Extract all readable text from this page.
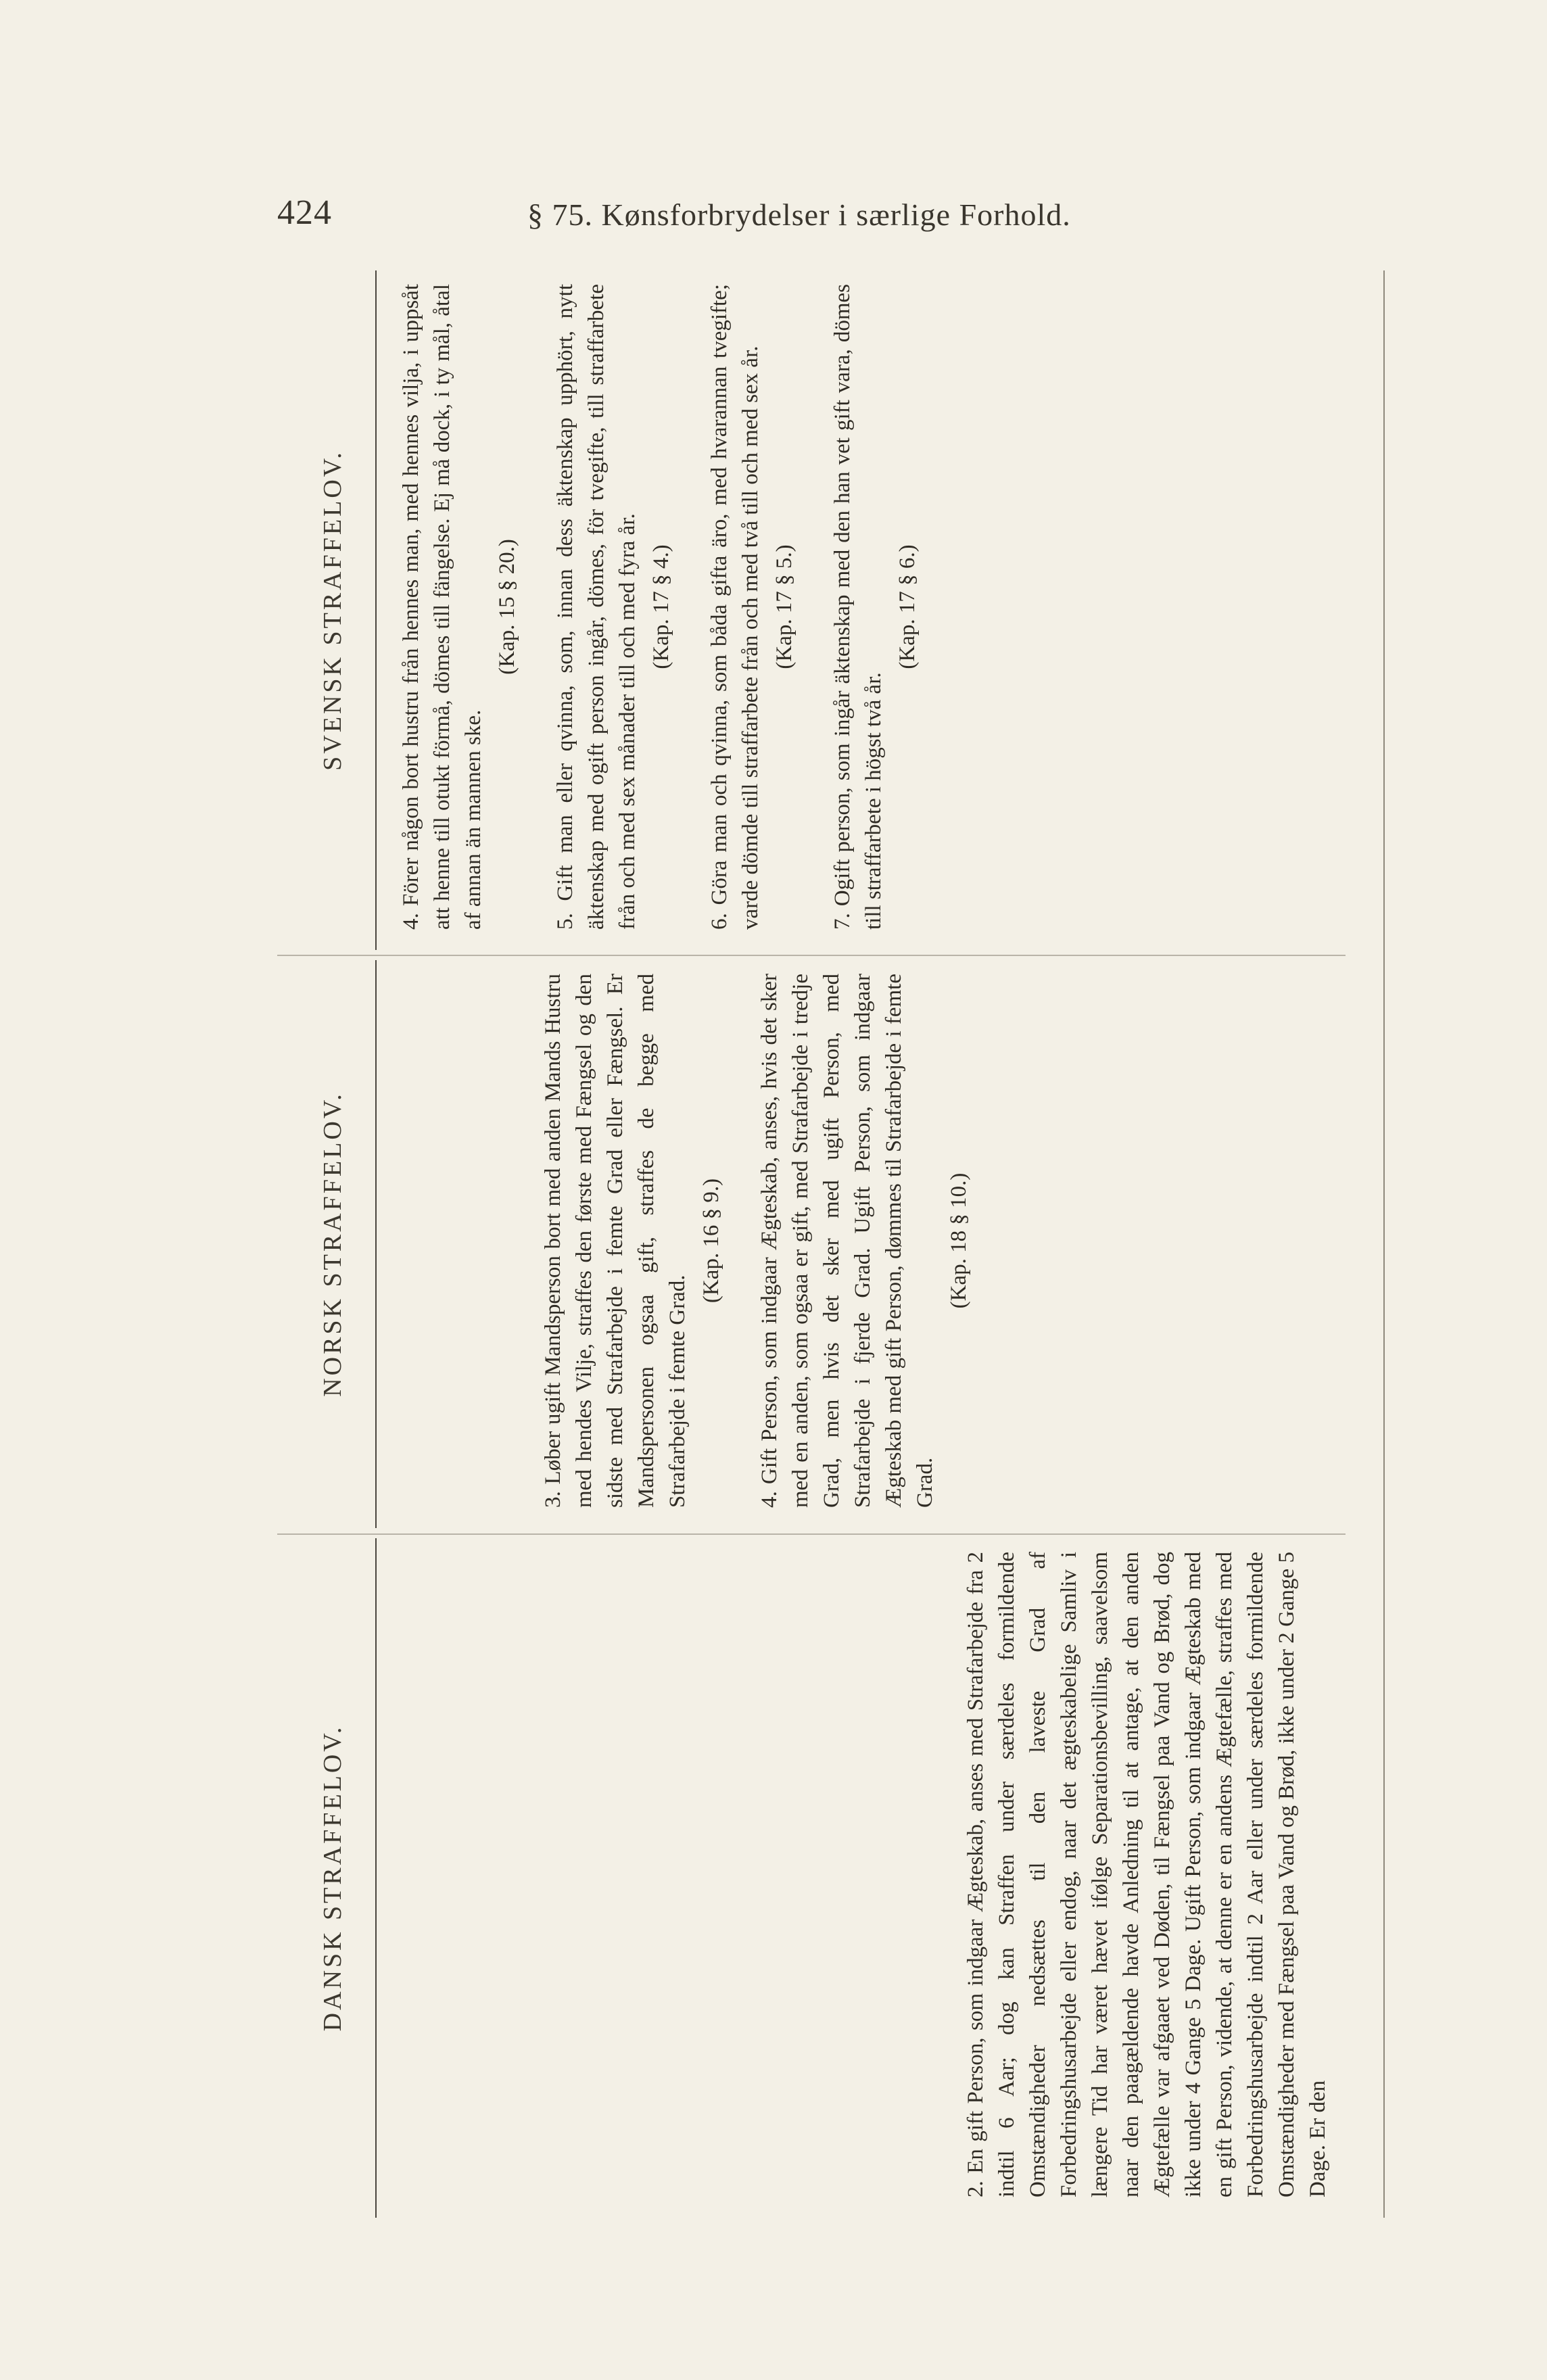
424	§ 75. Kønsforbrydelser i særlige Forhold.
DANSK STRAFFELOV.	2. En gift Person, som indgaar Ægteskab, anses med Strafarbejde fra 2 indtil 6 Aar; dog kan Straffen under særdeles formildende Omstændigheder nedsættes til den laveste Grad af Forbedringshusarbejde eller endog, naar det ægteskabelige Samliv i længere Tid har været hævet ifølge Separationsbevilling, saavelsom naar den paagældende havde Anledning til at antage, at den anden Ægtefælle var afgaaet ved Døden, til Fængsel paa Vand og Brød, dog ikke under 4 Gange 5 Dage. Ugift Person, som indgaar Ægteskab med en gift Person, vidende, at denne er en andens Ægtefælle, straffes med Forbedringshusarbejde indtil 2 Aar eller under særdeles formildende Omstændigheder med Fængsel paa Vand og Brød, ikke under 2 Gange 5 Dage. Er den
NORSK STRAFFELOV.	3. Løber ugift Mandsperson bort med anden Mands Hustru med hendes Vilje, straffes den første med Fængsel og den sidste med Strafarbejde i femte Grad eller Fængsel. Er Mandspersonen ogsaa gift, straffes de begge med Strafarbejde i femte Grad.
(Kap. 16 § 9.) 4. Gift Person, som indgaar Ægteskab, anses, hvis det sker med en anden, som ogsaa er gift, med Strafarbejde i tredje Grad, men hvis det sker med ugift Person, med Strafarbejde i fjerde Grad. Ugift Person, som indgaar Ægteskab med gift Person, dømmes til Strafarbejde i femte Grad.
(Kap. 18 § 10.)
SVENSK STRAFFELOV.	4. Förer någon bort hustru från hennes man, med hennes vilja, i uppsåt att henne till otukt förmå, dömes till fängelse. Ej må dock, i ty mål, åtal af annan än mannen ske.
(Kap. 15 § 20.) 5. Gift man eller qvinna, som, innan dess äktenskap upphört, nytt äktenskap med ogift person ingår, dömes, för tvegifte, till straffarbete från och med sex månader till och med fyra år. (Kap. 17 § 4.) 6. Göra man och qvinna, som båda gifta äro, med hvarannan tvegifte; varde dömde till straffarbete från och med två till och med sex år. (Kap. 17 § 5.) 7. Ogift person, som ingår äktenskap med den han vet gift vara, dömes till straffarbete i högst två år.
(Kap. 17 § 6.)
